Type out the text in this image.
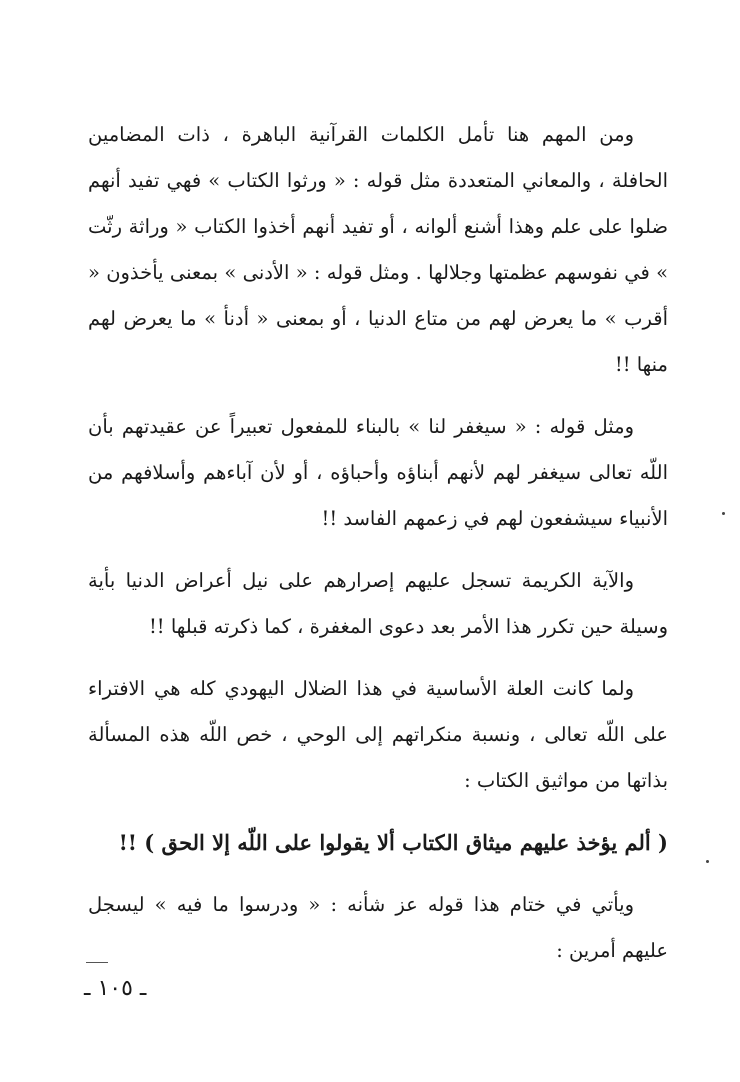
ومن المهم هنا تأمل الكلمات القرآنية الباهرة ، ذات المضامين الحافلة ، والمعاني المتعددة مثل قوله : « ورثوا الكتاب » فهي تفيد أنهم ضلوا على علم وهذا أشنع ألوانه ، أو تفيد أنهم أخذوا الكتاب « وراثة رثّت » في نفوسهم عظمتها وجلالها . ومثل قوله : « الأدنى » بمعنى يأخذون « أقرب » ما يعرض لهم من متاع الدنيا ، أو بمعنى « أدنأ » ما يعرض لهم منها !!

ومثل قوله : « سيغفر لنا » بالبناء للمفعول تعبيراً عن عقيدتهم بأن اللّه تعالى سيغفر لهم لأنهم أبناؤه وأحباؤه ، أو لأن آباءهم وأسلافهم من الأنبياء سيشفعون لهم في زعمهم الفاسد !!

والآية الكريمة تسجل عليهم إصرارهم على نيل أعراض الدنيا بأية وسيلة حين تكرر هذا الأمر بعد دعوى المغفرة ، كما ذكرته قبلها !!

ولما كانت العلة الأساسية في هذا الضلال اليهودي كله هي الافتراء على اللّه تعالى ، ونسبة منكراتهم إلى الوحي ، خص اللّه هذه المسألة بذاتها من مواثيق الكتاب :

( ألم يؤخذ عليهم ميثاق الكتاب ألا يقولوا على اللّه إلا الحق ) !!

ويأتي في ختام هذا قوله عز شأنه : « ودرسوا ما فيه » ليسجل عليهم أمرين :

ـ ١٠٥ ـ
